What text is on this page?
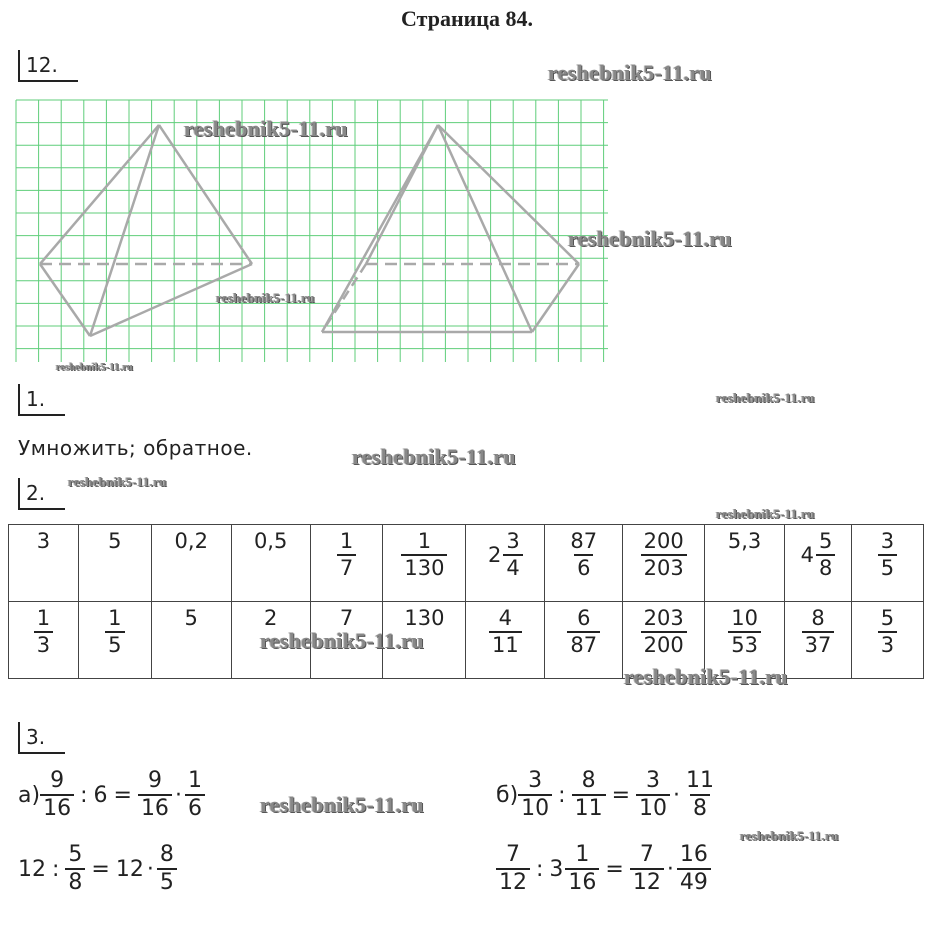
Страница 84.
12.	reshebnik5-11.ru
reshebnik5-11.ru
reshebnik5-11.ru
reshebnik5-11.ru
reshebnik5-11.ru
1.	reshebnik5-11.ru
Умножить; обратное.	reshebnik5-11.ru
2.	reshebnik5-11.ru
reshebnik5-11.ru
3	5	0,2	0,5	$\frac{1}{7}$	$\frac{1}{130}$	$2 \frac{3}{4}$	$\frac{87}{6}$	$\frac{200}{203}$	5,3	$4 \frac{5}{8}$	$\frac{3}{5}$

$\frac{1}{3}$	$\frac{1}{5}$	5	2	7	130	$\frac{4}{11}$	$\frac{6}{87}$	$\frac{203}{200}$	$\frac{10}{53}$	$\frac{8}{37}$	$\frac{5}{3}$
reshebnik5-11.ru
reshebnik5-11.ru
3.
$а) \frac{9}{16}$ : $6 = \frac{9}{16} \cdot \frac{1}{6}$
12 : $\frac{5}{8} = 12 \cdot \frac{8}{5}$
reshebnik5-11.ru	$б) \frac{3}{10}$ : $\frac{8}{11} = \frac{3}{10} \cdot \frac{11}{8}$
reshebnik5-11.ru
$\frac{7}{12}$ : $3 \frac{1}{16} = \frac{7}{12} \cdot \frac{16}{49}$
